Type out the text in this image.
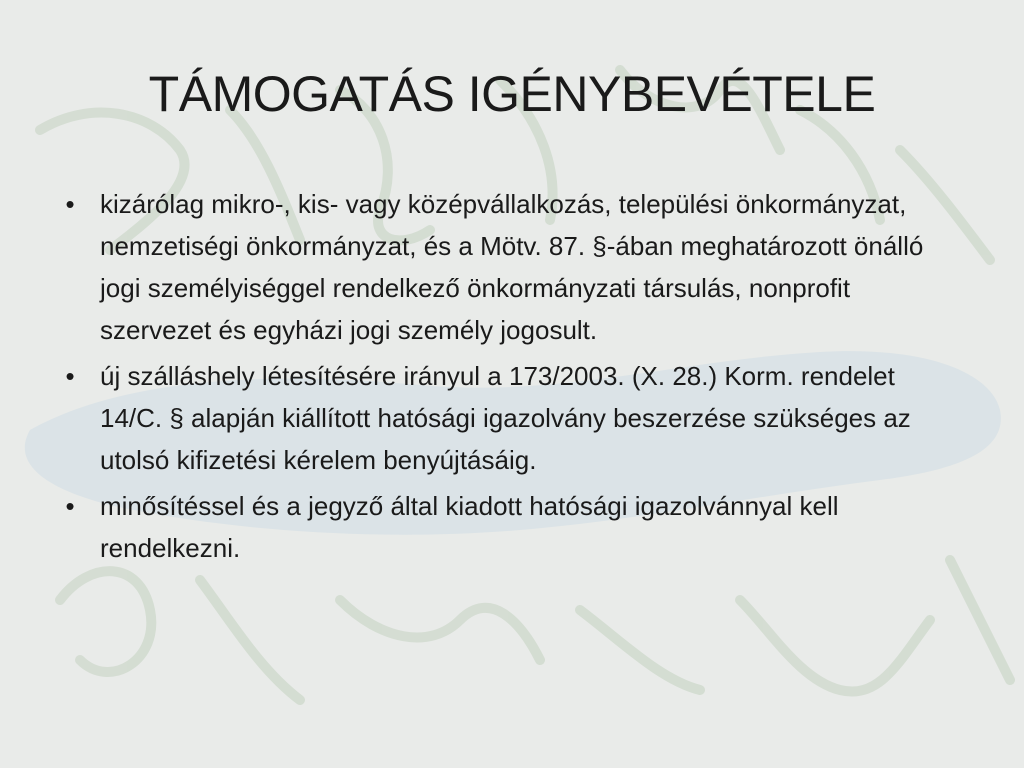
TÁMOGATÁS IGÉNYBEVÉTELE
• kizárólag mikro-, kis- vagy középvállalkozás, települési önkormányzat, nemzetiségi önkormányzat, és a Mötv. 87. §-ában meghatározott önálló jogi személyiséggel rendelkező önkormányzati társulás, nonprofit szervezet és egyházi jogi személy jogosult.
• új szálláshely létesítésére irányul a 173/2003. (X. 28.) Korm. rendelet 14/C. § alapján kiállított hatósági igazolvány beszerzése szükséges az utolsó kifizetési kérelem benyújtásáig.
• minősítéssel és a jegyző által kiadott hatósági igazolvánnyal kell rendelkezni.
